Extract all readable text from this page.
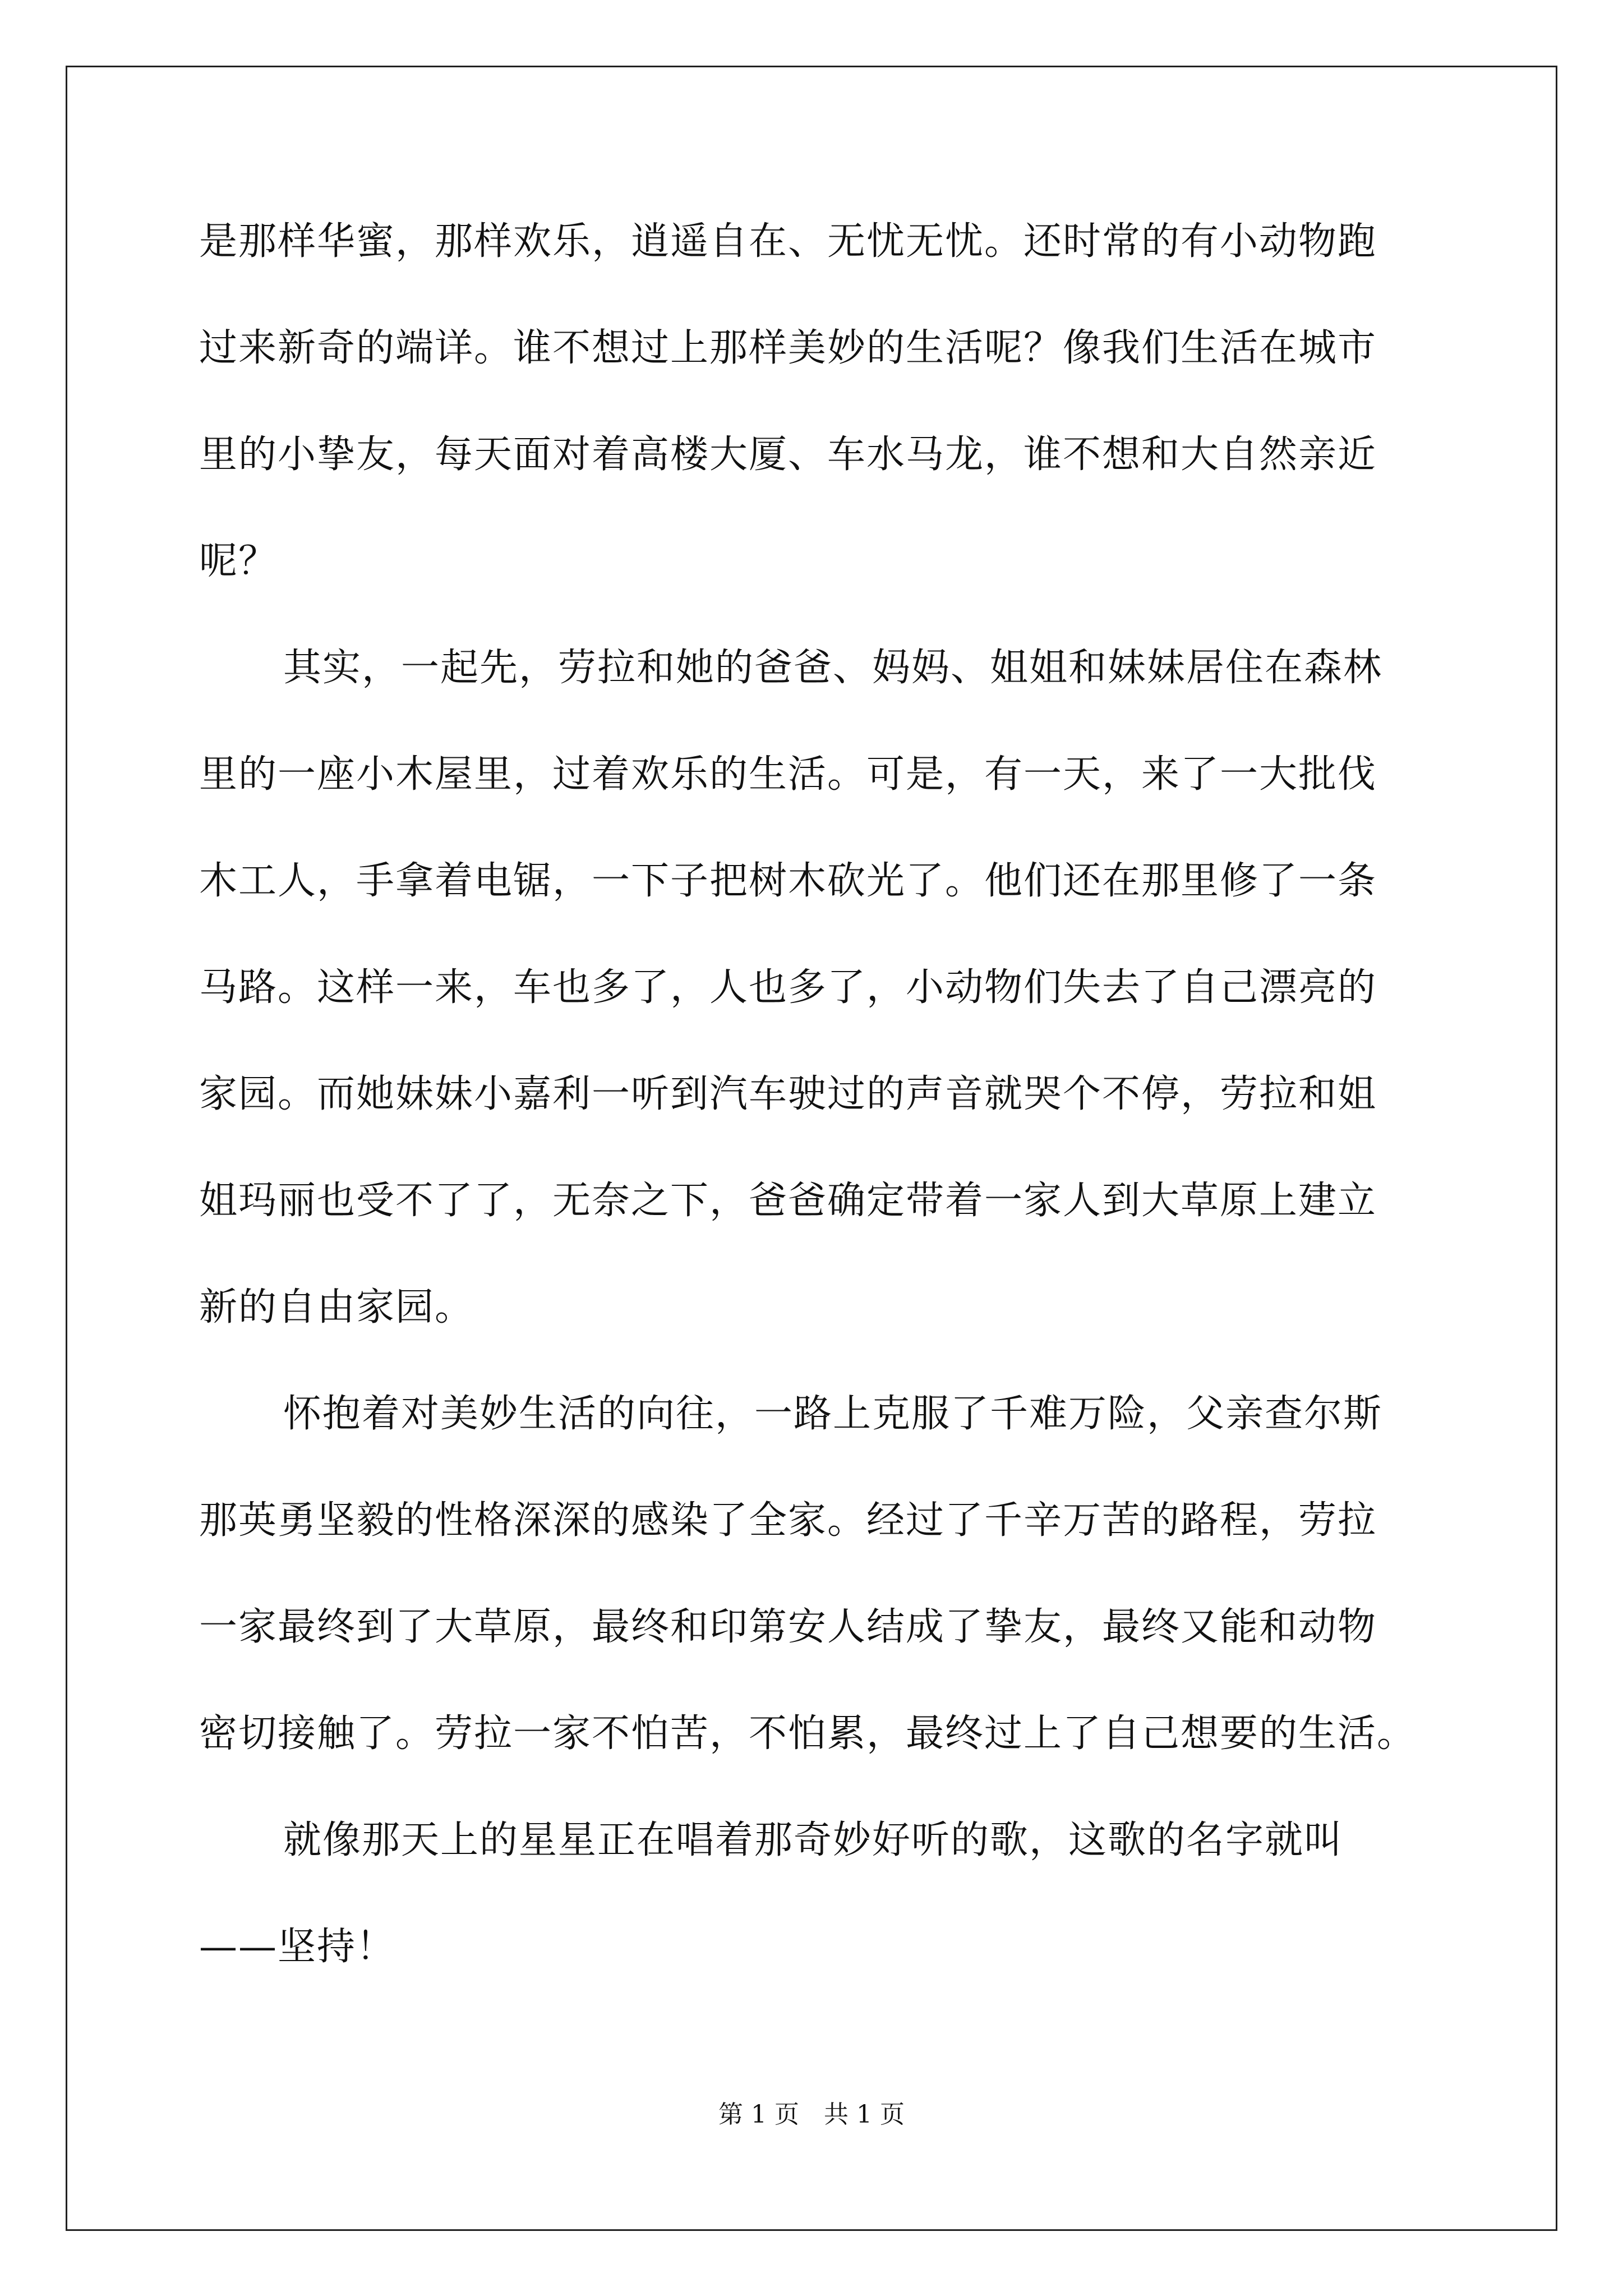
是那样华蜜，那样欢乐，逍遥自在、无忧无忧。还时常的有小动物跑
过来新奇的端详。谁不想过上那样美妙的生活呢？像我们生活在城市
里的小挚友，每天面对着高楼大厦、车水马龙，谁不想和大自然亲近
呢？
其实，一起先，劳拉和她的爸爸、妈妈、姐姐和妹妹居住在森林
里的一座小木屋里，过着欢乐的生活。可是，有一天，来了一大批伐
木工人，手拿着电锯，一下子把树木砍光了。他们还在那里修了一条
马路。这样一来，车也多了，人也多了，小动物们失去了自己漂亮的
家园。而她妹妹小嘉利一听到汽车驶过的声音就哭个不停，劳拉和姐
姐玛丽也受不了了，无奈之下，爸爸确定带着一家人到大草原上建立
新的自由家园。
怀抱着对美妙生活的向往，一路上克服了千难万险，父亲查尔斯
那英勇坚毅的性格深深的感染了全家。经过了千辛万苦的路程，劳拉
一家最终到了大草原，最终和印第安人结成了挚友，最终又能和动物
密切接触了。劳拉一家不怕苦，不怕累，最终过上了自己想要的生活。
就像那天上的星星正在唱着那奇妙好听的歌，这歌的名字就叫
——坚持！
第 1 页　共 1 页
